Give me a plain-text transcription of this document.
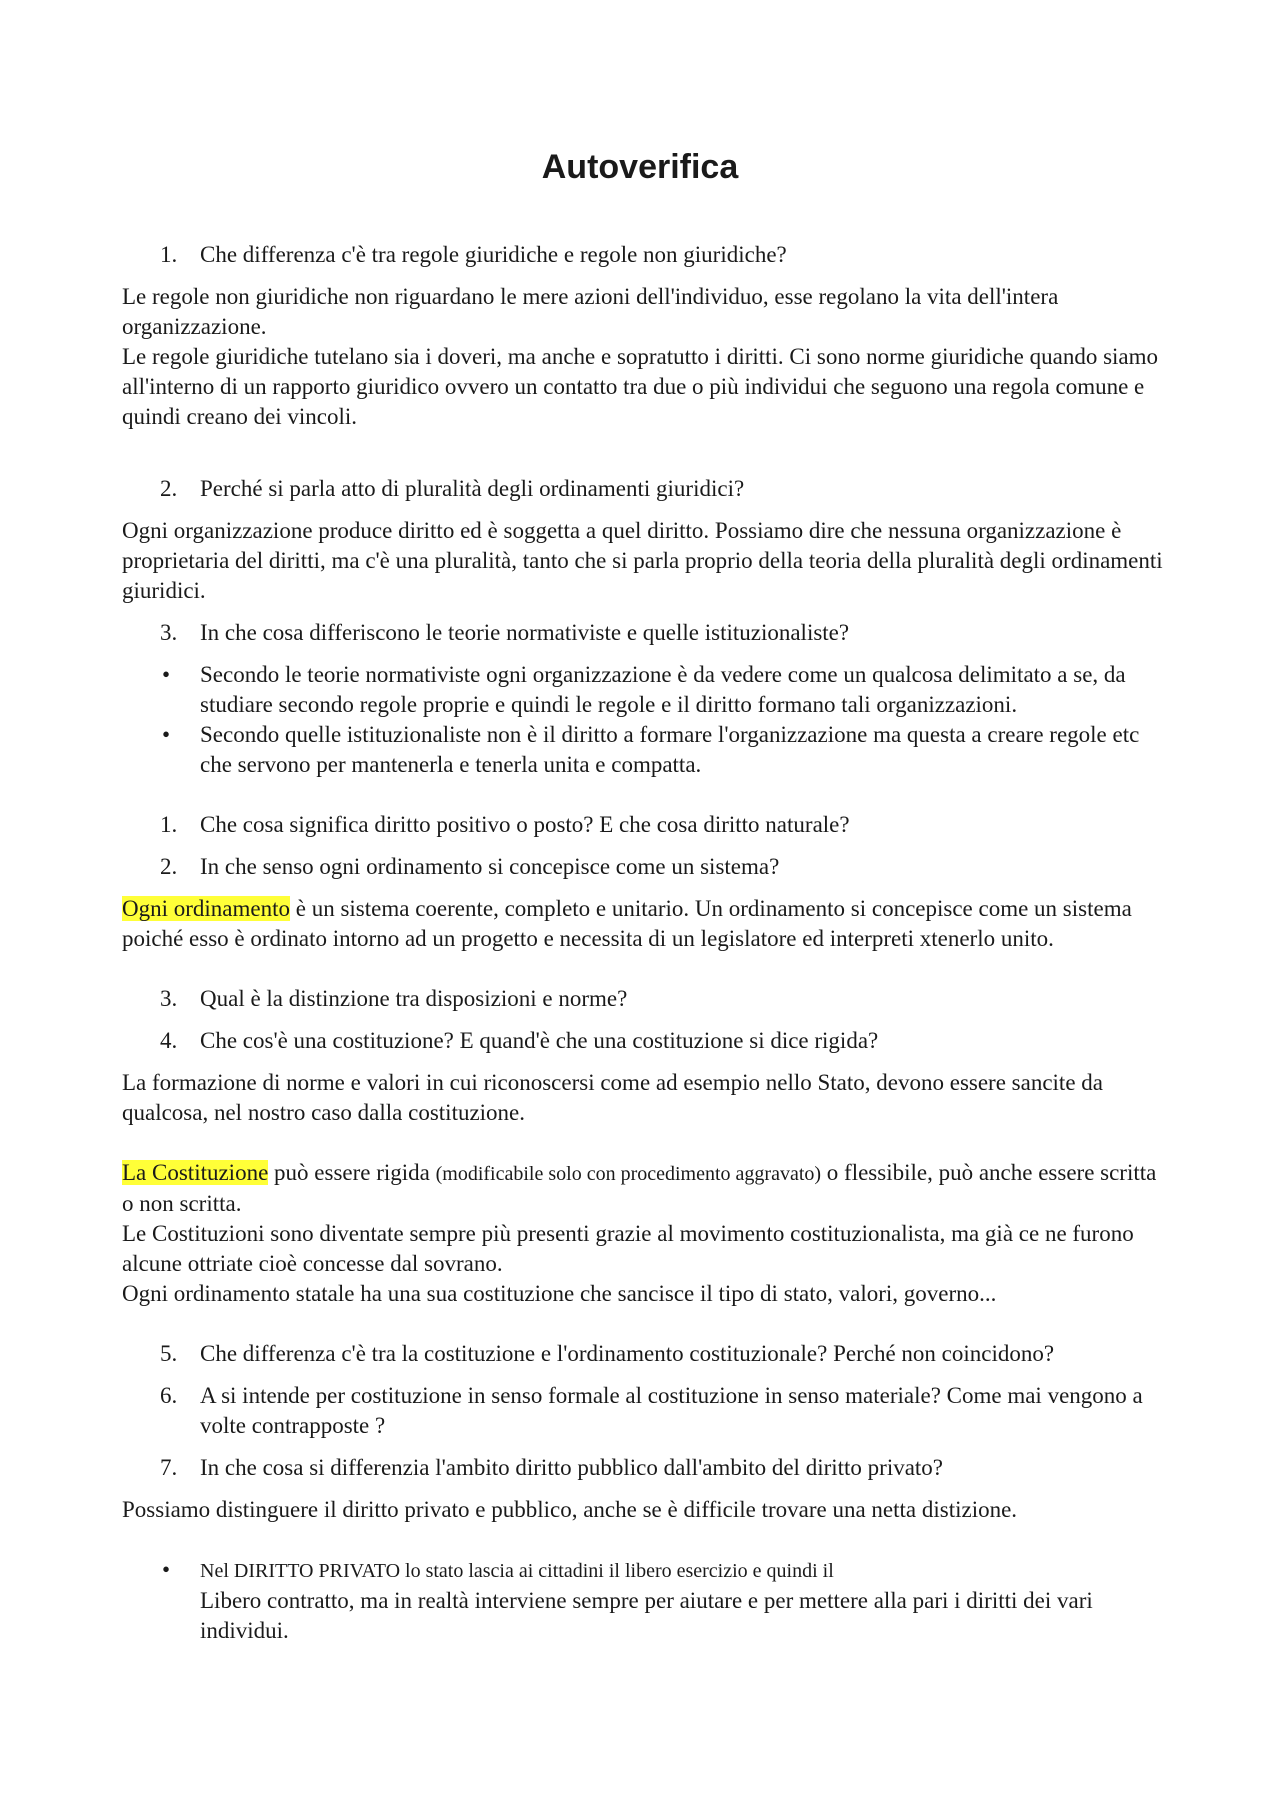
Autoverifica

1. Che differenza c'è tra regole giuridiche e regole non giuridiche?

Le regole non giuridiche non riguardano le mere azioni dell'individuo, esse regolano la vita dell'intera organizzazione.

Le regole giuridiche tutelano sia i doveri, ma anche e sopratutto i diritti. Ci sono norme giuridiche quando siamo all'interno di un rapporto giuridico ovvero un contatto tra due o più individui che seguono una regola comune e quindi creano dei vincoli.

2. Perché si parla atto di pluralità degli ordinamenti giuridici?

Ogni organizzazione produce diritto ed è soggetta a quel diritto. Possiamo dire che nessuna organizzazione è proprietaria del diritti, ma c'è una pluralità, tanto che si parla proprio della teoria della pluralità degli ordinamenti giuridici.

3. In che cosa differiscono le teorie normativiste e quelle istituzionaliste?

• Secondo le teorie normativiste ogni organizzazione è da vedere come un qualcosa delimitato a se, da studiare secondo regole proprie e quindi le regole e il diritto formano tali organizzazioni.

• Secondo quelle istituzionaliste non è il diritto a formare l'organizzazione ma questa a creare regole etc che servono per mantenerla e tenerla unita e compatta.

1. Che cosa significa diritto positivo o posto? E che cosa diritto naturale?

2. In che senso ogni ordinamento si concepisce come un sistema?

Ogni ordinamento è un sistema coerente, completo e unitario. Un ordinamento si concepisce come un sistema poiché esso è ordinato intorno ad un progetto e necessita di un legislatore ed interpreti xtenerlo unito.

3. Qual è la distinzione tra disposizioni e norme?

4. Che cos'è una costituzione? E quand'è che una costituzione si dice rigida?

La formazione di norme e valori in cui riconoscersi come ad esempio nello Stato, devono essere sancite da qualcosa, nel nostro caso dalla costituzione.

La Costituzione può essere rigida (modificabile solo con procedimento aggravato) o flessibile, può anche essere scritta o non scritta.

Le Costituzioni sono diventate sempre più presenti grazie al movimento costituzionalista, ma già ce ne furono alcune ottriate cioè concesse dal sovrano.

Ogni ordinamento statale ha una sua costituzione che sancisce il tipo di stato, valori, governo...

5. Che differenza c'è tra la costituzione e l'ordinamento costituzionale? Perché non coincidono?

6. A si intende per costituzione in senso formale al costituzione in senso materiale? Come mai vengono a volte contrapposte ?

7. In che cosa si differenzia l'ambito diritto pubblico dall'ambito del diritto privato?

Possiamo distinguere il diritto privato e pubblico, anche se è difficile trovare una netta distizione.

• Nel DIRITTO PRIVATO lo stato lascia ai cittadini il libero esercizio e quindi il
Libero contratto, ma in realtà interviene sempre per aiutare e per mettere alla pari i diritti dei vari individui.
